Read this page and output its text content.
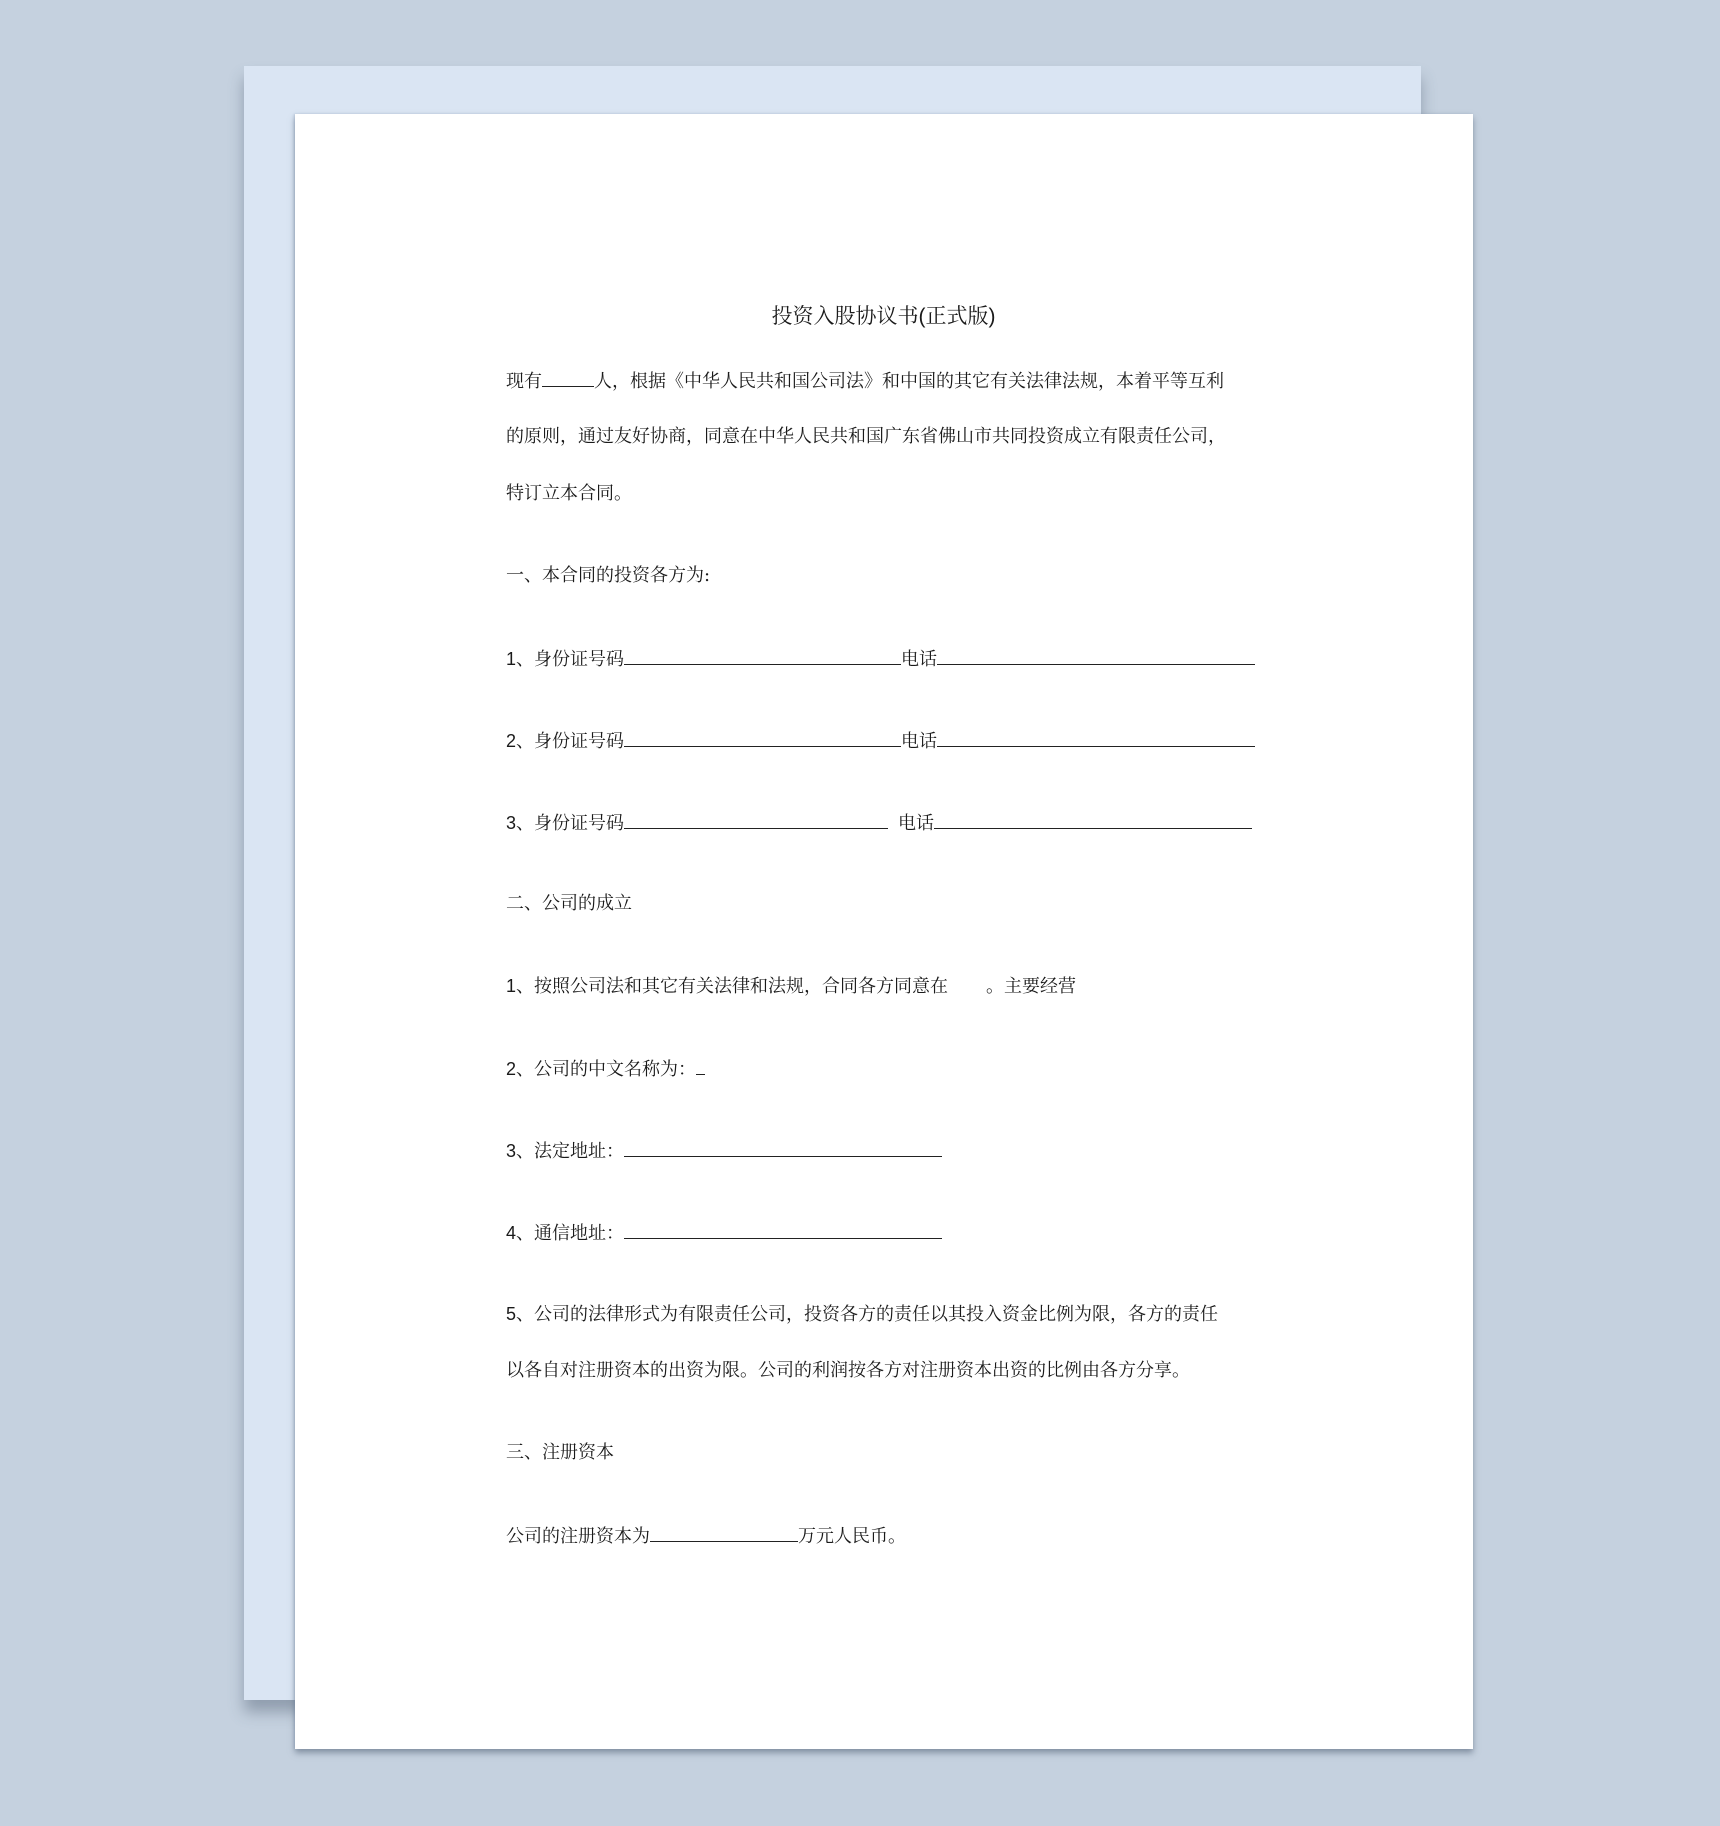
投资入股协议书(正式版)
现有	人，根据《中华人民共和国公司法》和中国的其它有关法律法规，本着平等互利
的原则，通过友好协商，同意在中华人民共和国广东省佛山市共同投资成立有限责任公司，
特订立本合同。
一、本合同的投资各方为:
1、身份证号码	电话
2、身份证号码	电话
3、身份证号码	电话
二、公司的成立
1、按照公司法和其它有关法律和法规，合同各方同意在 。主要经营
2、公司的中文名称为：
3、法定地址：
4、通信地址：
5、公司的法律形式为有限责任公司，投资各方的责任以其投入资金比例为限，各方的责任
以各自对注册资本的出资为限。公司的利润按各方对注册资本出资的比例由各方分享。
三、注册资本
公司的注册资本为	万元人民币。
